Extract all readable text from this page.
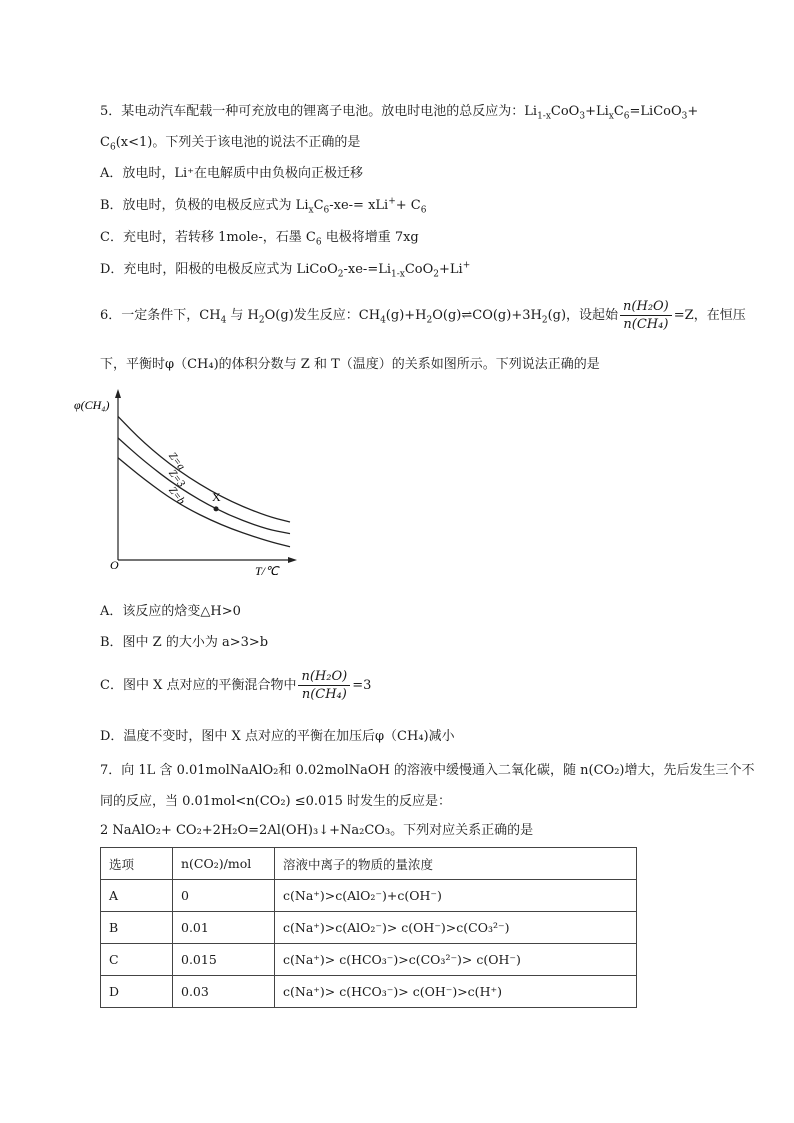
5．某电动汽车配载一种可充放电的锂离子电池。放电时电池的总反应为：$Li_{1-x}CoO_3+Li_xC_6=LiCoO_3+$
$C_6(x<1)$。下列关于该电池的说法不正确的是
A．放电时，Li⁺在电解质中由负极向正极迁移
B．放电时，负极的电极反应式为 $Li_xC_6-xe-= xLi^++ C_6$
C．充电时，若转移 1mole-，石墨 $C_6$ 电极将增重 7xg
D．充电时，阳极的电极反应式为 $LiCoO_2-xe-=Li_{1-x}CoO_2+Li^+$
6．一定条件下，$CH_4$ 与 $H_2O(g)$发生反应：$CH_4(g)+H_2O(g)\rightleftharpoons CO(g)+3H_2(g)$，设起始 $\frac{\text{n(H₂O)}}{\text{n(CH₄)}} =Z$，在恒压
下，平衡时φ（CH₄)的体积分数与 Z 和 T（温度）的关系如图所示。下列说法正确的是
φ(CH₄)
T/℃
O
Z=a
Z=3
Z=b X
A．该反应的焓变△H>0
B．图中 Z 的大小为 a>3>b
C．图中 X 点对应的平衡混合物中 $\frac{\text{n(H₂O)}}{\text{n(CH₄)}} =3$
D．温度不变时，图中 X 点对应的平衡在加压后φ（CH₄)减小
7．向 1L 含 0.01molNaAlO₂和 0.02molNaOH 的溶液中缓慢通入二氧化碳，随 n(CO₂)增大，先后发生三个不
同的反应，当 0.01mol<n(CO₂) ≤0.015 时发生的反应是：
2 NaAlO₂+ CO₂+2H₂O=2Al(OH)₃↓+Na₂CO₃。下列对应关系正确的是
选项	n(CO₂)/mol	溶液中离子的物质的量浓度
A	0	c(Na⁺)>c(AlO₂⁻)+c(OH⁻)
B	0.01	c(Na⁺)>c(AlO₂⁻)> c(OH⁻)>c(CO₃²⁻)
C	0.015	c(Na⁺)> c(HCO₃⁻)>c(CO₃²⁻)> c(OH⁻)
D	0.03	c(Na⁺)> c(HCO₃⁻)> c(OH⁻)>c(H⁺)
